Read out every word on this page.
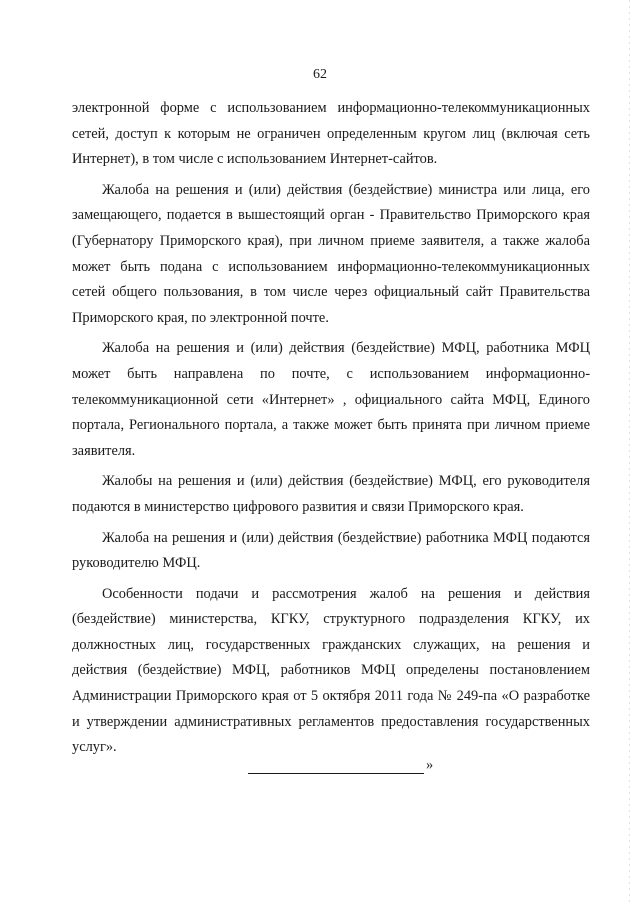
62

электронной форме с использованием информационно-телекоммуникационных сетей, доступ к которым не ограничен определенным кругом лиц (включая сеть Интернет), в том числе с использованием Интернет-сайтов.

Жалоба на решения и (или) действия (бездействие) министра или лица, его замещающего, подается в вышестоящий орган - Правительство Приморского края (Губернатору Приморского края), при личном приеме заявителя, а также жалоба может быть подана с использованием информационно-телекоммуникационных сетей общего пользования, в том числе через официальный сайт Правительства Приморского края, по электронной почте.

Жалоба на решения и (или) действия (бездействие) МФЦ, работника МФЦ может быть направлена по почте, с использованием информационно-телекоммуникационной сети «Интернет» , официального сайта МФЦ, Единого портала, Регионального портала, а также может быть принята при личном приеме заявителя.

Жалобы на решения и (или) действия (бездействие) МФЦ, его руководителя подаются в министерство цифрового развития и связи Приморского края.

Жалоба на решения и (или) действия (бездействие) работника МФЦ подаются руководителю МФЦ.

Особенности подачи и рассмотрения жалоб на решения и действия (бездействие) министерства, КГКУ, структурного подразделения КГКУ, их должностных лиц, государственных гражданских служащих, на решения и действия (бездействие) МФЦ, работников МФЦ определены постановлением Администрации Приморского края от 5 октября 2011 года № 249-па «О разработке и утверждении административных регламентов предоставления государственных услуг».

»
